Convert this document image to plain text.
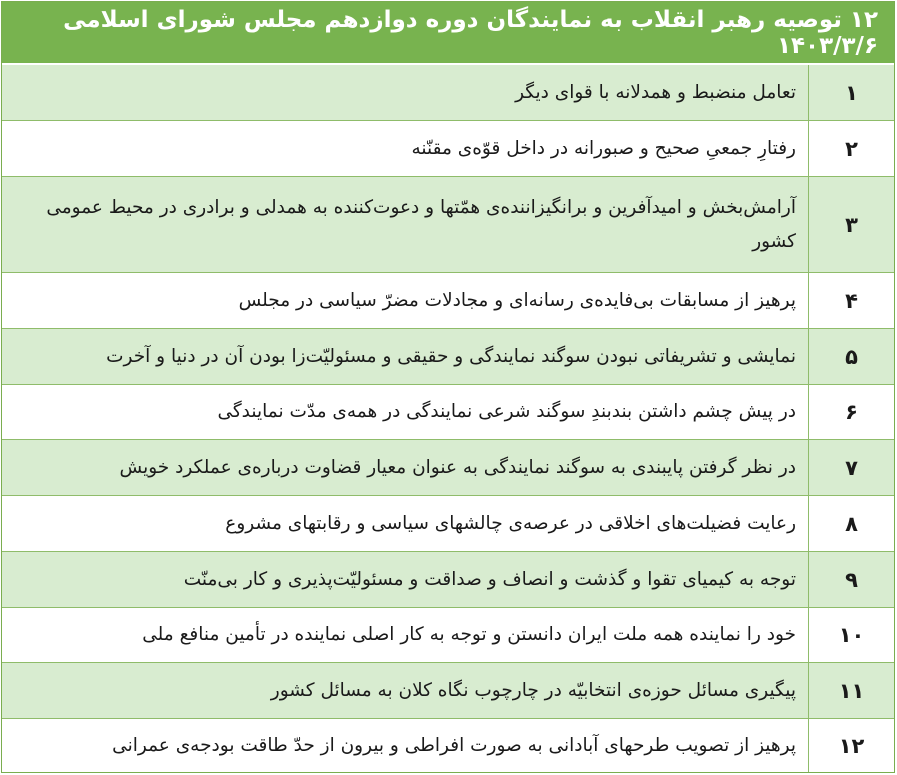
۱۲ توصیه رهبر انقلاب به نمایندگان دوره دوازدهم مجلس شورای اسلامی ۱۴۰۳/۳/۶
۱
تعامل منضبط و همدلانه با قوای دیگر
۲
رفتارِ جمعیِ صحیح و صبورانه در داخل قوّه‌ی مقنّنه
۳
آرامش‌بخش و امیدآفرین و برانگیزاننده‌ی همّتها و دعوت‌کننده به همدلی و برادری در محیط عمومی کشور
۴
پرهیز از مسابقات بی‌فایده‌ی رسانه‌ای و مجادلات مضرّ سیاسی در مجلس
۵
نمایشی و تشریفاتی نبودن سوگند نمایندگی و حقیقی و مسئولیّت‌زا بودن آن در دنیا و آخرت
۶
در پیش چشم داشتن بندبندِ سوگند شرعی نمایندگی در همه‌ی مدّت نمایندگی
۷
در نظر گرفتن پایبندی به سوگند نمایندگی به عنوان معیار قضاوت درباره‌ی عملکرد خویش
۸
رعایت فضیلت‌های اخلاقی در عرصه‌ی چالشهای سیاسی و رقابتهای مشروع
۹
توجه به کیمیای تقوا و گذشت و انصاف و صداقت و مسئولیّت‌پذیری و کار بی‌منّت
۱۰
خود را نماینده همه ملت ایران دانستن و توجه به کار اصلی نماینده در تأمین منافع ملی
۱۱
پیگیری مسائل حوزه‌ی انتخابیّه در چارچوب نگاه کلان به مسائل کشور
۱۲
پرهیز از تصویب طرحهای آبادانی به صورت افراطی و بیرون از حدّ طاقت بودجه‌ی عمرانی
